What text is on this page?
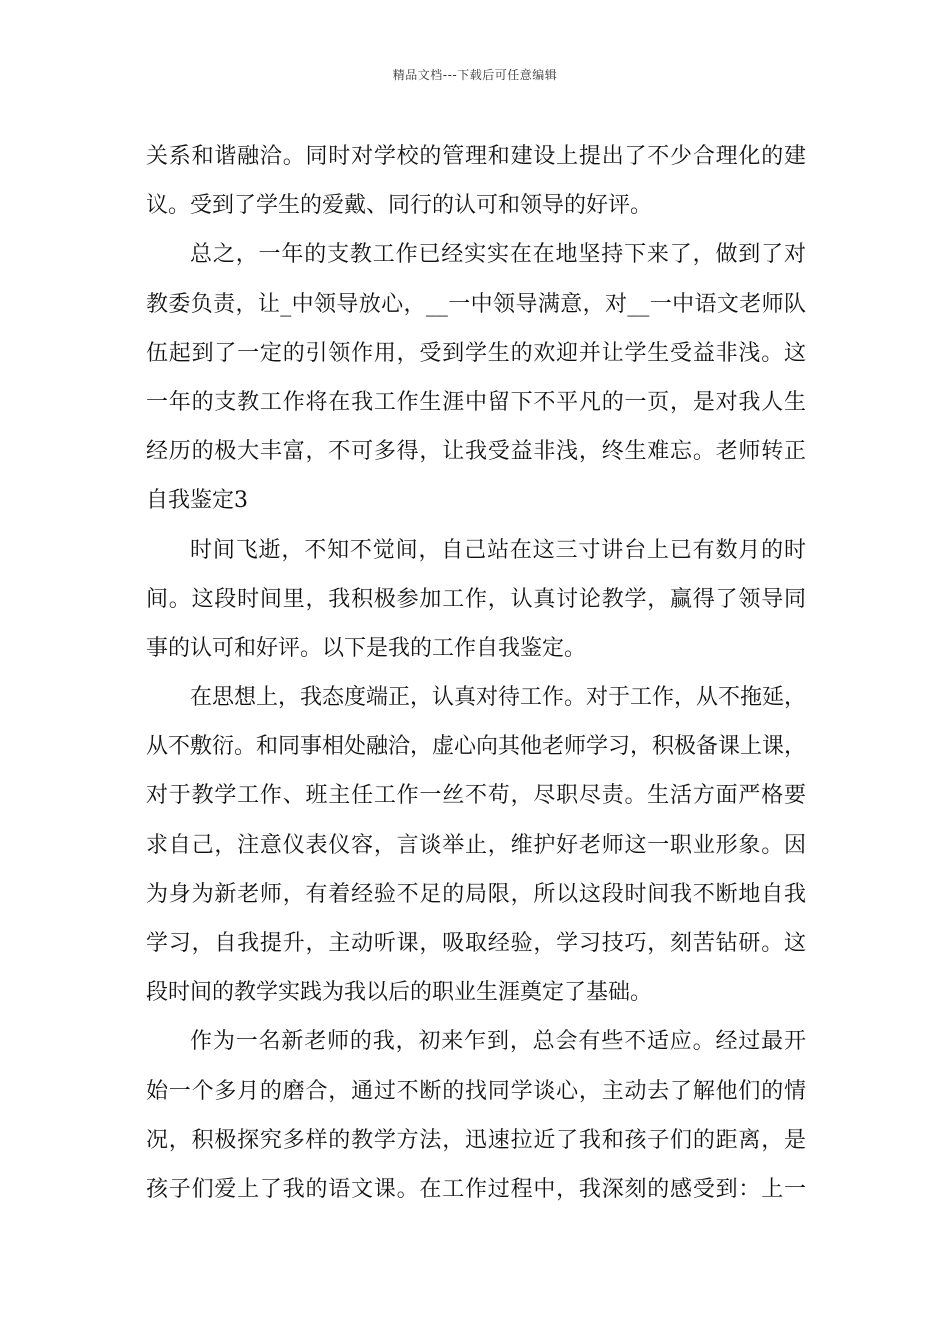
精品文档---下载后可任意编辑
关系和谐融洽。同时对学校的管理和建设上提出了不少合理化的建
议。受到了学生的爱戴、同行的认可和领导的好评。
总之，一年的支教工作已经实实在在地坚持下来了，做到了对
教委负责，让_中领导放心，__一中领导满意，对__一中语文老师队
伍起到了一定的引领作用，受到学生的欢迎并让学生受益非浅。这
一年的支教工作将在我工作生涯中留下不平凡的一页，是对我人生
经历的极大丰富，不可多得，让我受益非浅，终生难忘。老师转正
自我鉴定3
时间飞逝，不知不觉间，自己站在这三寸讲台上已有数月的时
间。这段时间里，我积极参加工作，认真讨论教学，赢得了领导同
事的认可和好评。以下是我的工作自我鉴定。
在思想上，我态度端正，认真对待工作。对于工作，从不拖延，
从不敷衍。和同事相处融洽，虚心向其他老师学习，积极备课上课，
对于教学工作、班主任工作一丝不苟，尽职尽责。生活方面严格要
求自己，注意仪表仪容，言谈举止，维护好老师这一职业形象。因
为身为新老师，有着经验不足的局限，所以这段时间我不断地自我
学习，自我提升，主动听课，吸取经验，学习技巧，刻苦钻研。这
段时间的教学实践为我以后的职业生涯奠定了基础。
作为一名新老师的我，初来乍到，总会有些不适应。经过最开
始一个多月的磨合，通过不断的找同学谈心，主动去了解他们的情
况，积极探究多样的教学方法，迅速拉近了我和孩子们的距离，是
孩子们爱上了我的语文课。在工作过程中，我深刻的感受到：上一
